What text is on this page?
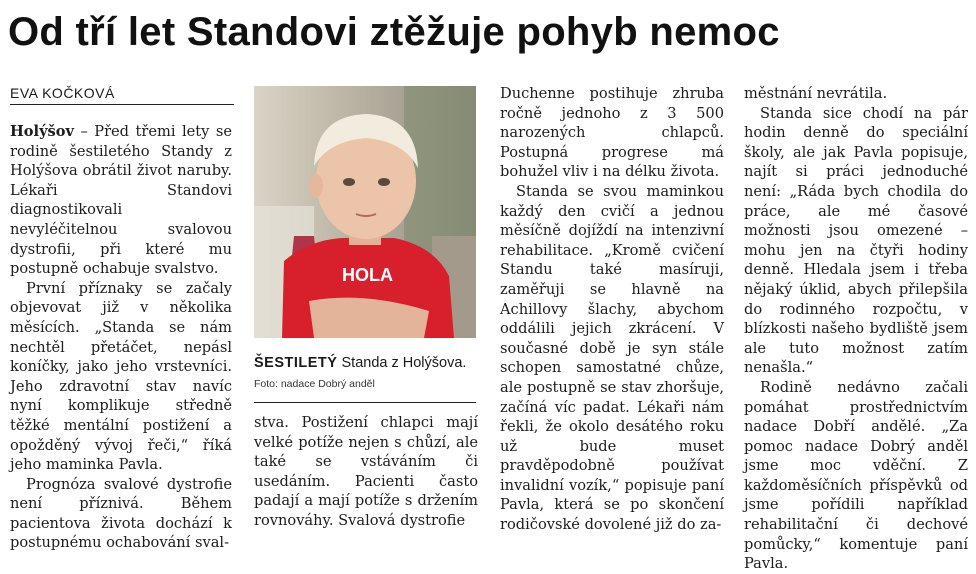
Od tří let Standovi ztěžuje pohyb nemoc
EVA KOČKOVÁ

Holýšov – Před třemi lety se rodině šestiletého Standy z Holýšova obrátil život naruby. Lékaři Standovi diagnostikovali nevyléčitelnou svalovou dystrofii, při které mu postupně ochabuje svalstvo.

První příznaky se začaly objevovat již v několika měsících. „Standa se nám nechtěl přetáčet, nepásl koníčky, jako jeho vrstevníci. Jeho zdravotní stav navíc nyní komplikuje středně těžké mentální postižení a opožděný vývoj řeči,“ říká jeho maminka Pavla.

Prognóza svalové dystrofie není příznivá. Během pacientova života dochází k postupnému ochabování sval-

HOLA
ŠESTILETÝ Standa z Holýšova.
Foto: nadace Dobrý anděl

stva. Postižení chlapci mají velké potíže nejen s chůzí, ale také se vstáváním či usedáním. Pacienti často padají a mají potíže s držením rovnováhy. Svalová dystrofie

Duchenne postihuje zhruba ročně jednoho z 3 500 narozených chlapců. Postupná progrese má bohužel vliv i na délku života.

Standa se svou maminkou každý den cvičí a jednou měsíčně dojíždí na intenzivní rehabilitace. „Kromě cvičení Standu také masíruji, zaměřuji se hlavně na Achillovy šlachy, abychom oddálili jejich zkrácení. V současné době je syn stále schopen samostatné chůze, ale postupně se stav zhoršuje, začíná víc padat. Lékaři nám řekli, že okolo desátého roku už bude muset pravděpodobně používat invalidní vozík,“ popisuje paní Pavla, která se po skončení rodičovské dovolené již do za-

městnání nevrátila.

Standa sice chodí na pár hodin denně do speciální školy, ale jak Pavla popisuje, najít si práci jednoduché není: „Ráda bych chodila do práce, ale mé časové možnosti jsou omezené – mohu jen na čtyři hodiny denně. Hledala jsem i třeba nějaký úklid, abych přilepšila do rodinného rozpočtu, v blízkosti našeho bydliště jsem ale tuto možnost zatím nenašla.“

Rodině nedávno začali pomáhat prostřednictvím nadace Dobří andělé. „Za pomoc nadace Dobrý anděl jsme moc vděční. Z každoměsíčních příspěvků od jsme pořídili například rehabilitační či dechové pomůcky,“ komentuje paní Pavla.
